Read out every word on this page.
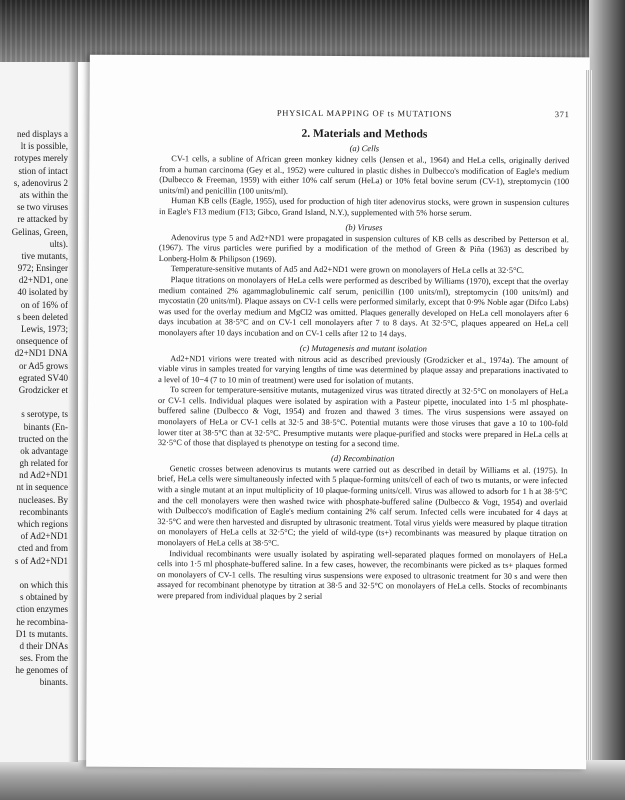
ned displays a
lt is possible,
rotypes merely
stion of intact
s, adenovirus 2
ats within the
se two viruses
re attacked by
Gelinas, Green,
ults).
tive mutants,
972; Ensinger
d2+ND1, one
40 isolated by
on of 16% of
s been deleted
Lewis, 1973;
onsequence of
d2+ND1 DNA
or Ad5 grows
egrated SV40
Grodzicker et
s serotype, ts
binants (En-
tructed on the
ok advantage
gh related for
nd Ad2+ND1
nt in sequence
nucleases. By
recombinants
which regions
of Ad2+ND1
cted and from
s of Ad2+ND1
on which this
s obtained by
ction enzymes
he recombina-
D1 ts mutants.
d their DNAs
ses. From the
he genomes of
binants.
PHYSICAL MAPPING OF ts MUTATIONS	371
2. Materials and Methods
(a) Cells

CV-1 cells, a subline of African green monkey kidney cells (Jensen et al., 1964) and HeLa cells, originally derived from a human carcinoma (Gey et al., 1952) were cultured in plastic dishes in Dulbecco's modification of Eagle's medium (Dulbecco & Freeman, 1959) with either 10% calf serum (HeLa) or 10% fetal bovine serum (CV-1), streptomycin (100 units/ml) and penicillin (100 units/ml).

Human KB cells (Eagle, 1955), used for production of high titer adenovirus stocks, were grown in suspension cultures in Eagle's F13 medium (F13; Gibco, Grand Island, N.Y.), supplemented with 5% horse serum.

(b) Viruses

Adenovirus type 5 and Ad2+ND1 were propagated in suspension cultures of KB cells as described by Petterson et al. (1967). The virus particles were purified by a modification of the method of Green & Piña (1963) as described by Lonberg-Holm & Philipson (1969).

Temperature-sensitive mutants of Ad5 and Ad2+ND1 were grown on monolayers of HeLa cells at 32·5°C.

Plaque titrations on monolayers of HeLa cells were performed as described by Williams (1970), except that the overlay medium contained 2% agammaglobulinemic calf serum, penicillin (100 units/ml), streptomycin (100 units/ml) and mycostatin (20 units/ml). Plaque assays on CV-1 cells were performed similarly, except that 0·9% Noble agar (Difco Labs) was used for the overlay medium and MgCl2 was omitted. Plaques generally developed on HeLa cell monolayers after 6 days incubation at 38·5°C and on CV-1 cell monolayers after 7 to 8 days. At 32·5°C, plaques appeared on HeLa cell monolayers after 10 days incubation and on CV-1 cells after 12 to 14 days.

(c) Mutagenesis and mutant isolation

Ad2+ND1 virions were treated with nitrous acid as described previously (Grodzicker et al., 1974a). The amount of viable virus in samples treated for varying lengths of time was determined by plaque assay and preparations inactivated to a level of 10−4 (7 to 10 min of treatment) were used for isolation of mutants.

To screen for temperature-sensitive mutants, mutagenized virus was titrated directly at 32·5°C on monolayers of HeLa or CV-1 cells. Individual plaques were isolated by aspiration with a Pasteur pipette, inoculated into 1·5 ml phosphate-buffered saline (Dulbecco & Vogt, 1954) and frozen and thawed 3 times. The virus suspensions were assayed on monolayers of HeLa or CV-1 cells at 32·5 and 38·5°C. Potential mutants were those viruses that gave a 10 to 100-fold lower titer at 38·5°C than at 32·5°C. Presumptive mutants were plaque-purified and stocks were prepared in HeLa cells at 32·5°C of those that displayed ts phenotype on testing for a second time.

(d) Recombination

Genetic crosses between adenovirus ts mutants were carried out as described in detail by Williams et al. (1975). In brief, HeLa cells were simultaneously infected with 5 plaque-forming units/cell of each of two ts mutants, or were infected with a single mutant at an input multiplicity of 10 plaque-forming units/cell. Virus was allowed to adsorb for 1 h at 38·5°C and the cell monolayers were then washed twice with phosphate-buffered saline (Dulbecco & Vogt, 1954) and overlaid with Dulbecco's modification of Eagle's medium containing 2% calf serum. Infected cells were incubated for 4 days at 32·5°C and were then harvested and disrupted by ultrasonic treatment. Total virus yields were measured by plaque titration on monolayers of HeLa cells at 32·5°C; the yield of wild-type (ts+) recombinants was measured by plaque titration on monolayers of HeLa cells at 38·5°C.

Individual recombinants were usually isolated by aspirating well-separated plaques formed on monolayers of HeLa cells into 1·5 ml phosphate-buffered saline. In a few cases, however, the recombinants were picked as ts+ plaques formed on monolayers of CV-1 cells. The resulting virus suspensions were exposed to ultrasonic treatment for 30 s and were then assayed for recombinant phenotype by titration at 38·5 and 32·5°C on monolayers of HeLa cells. Stocks of recombinants were prepared from individual plaques by 2 serial
